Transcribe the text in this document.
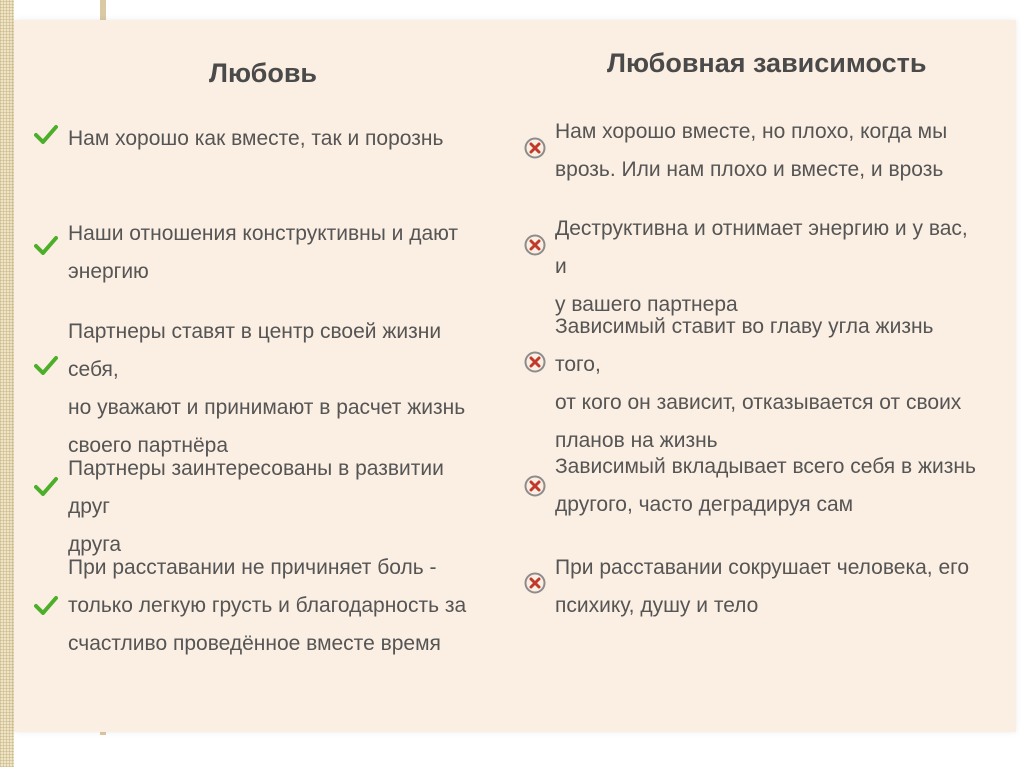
Любовь
Нам хорошо как вместе, так и порознь
Наши отношения конструктивны и дают
энергию
Партнеры ставят в центр своей жизни себя,
но уважают и принимают в расчет жизнь
своего партнёра
Партнеры заинтересованы в развитии друг
друга
При расставании не причиняет боль -
только легкую грусть и благодарность за
счастливо проведённое вместе время
Любовная зависимость
Нам хорошо вместе, но плохо, когда мы
врозь. Или нам плохо и вместе, и врозь
Деструктивна и отнимает энергию и у вас, и
у вашего партнера
Зависимый ставит во главу угла жизнь того,
от кого он зависит, отказывается от своих
планов на жизнь
Зависимый вкладывает всего себя в жизнь
другого, часто деградируя сам
При расставании сокрушает человека, его
психику, душу и тело
